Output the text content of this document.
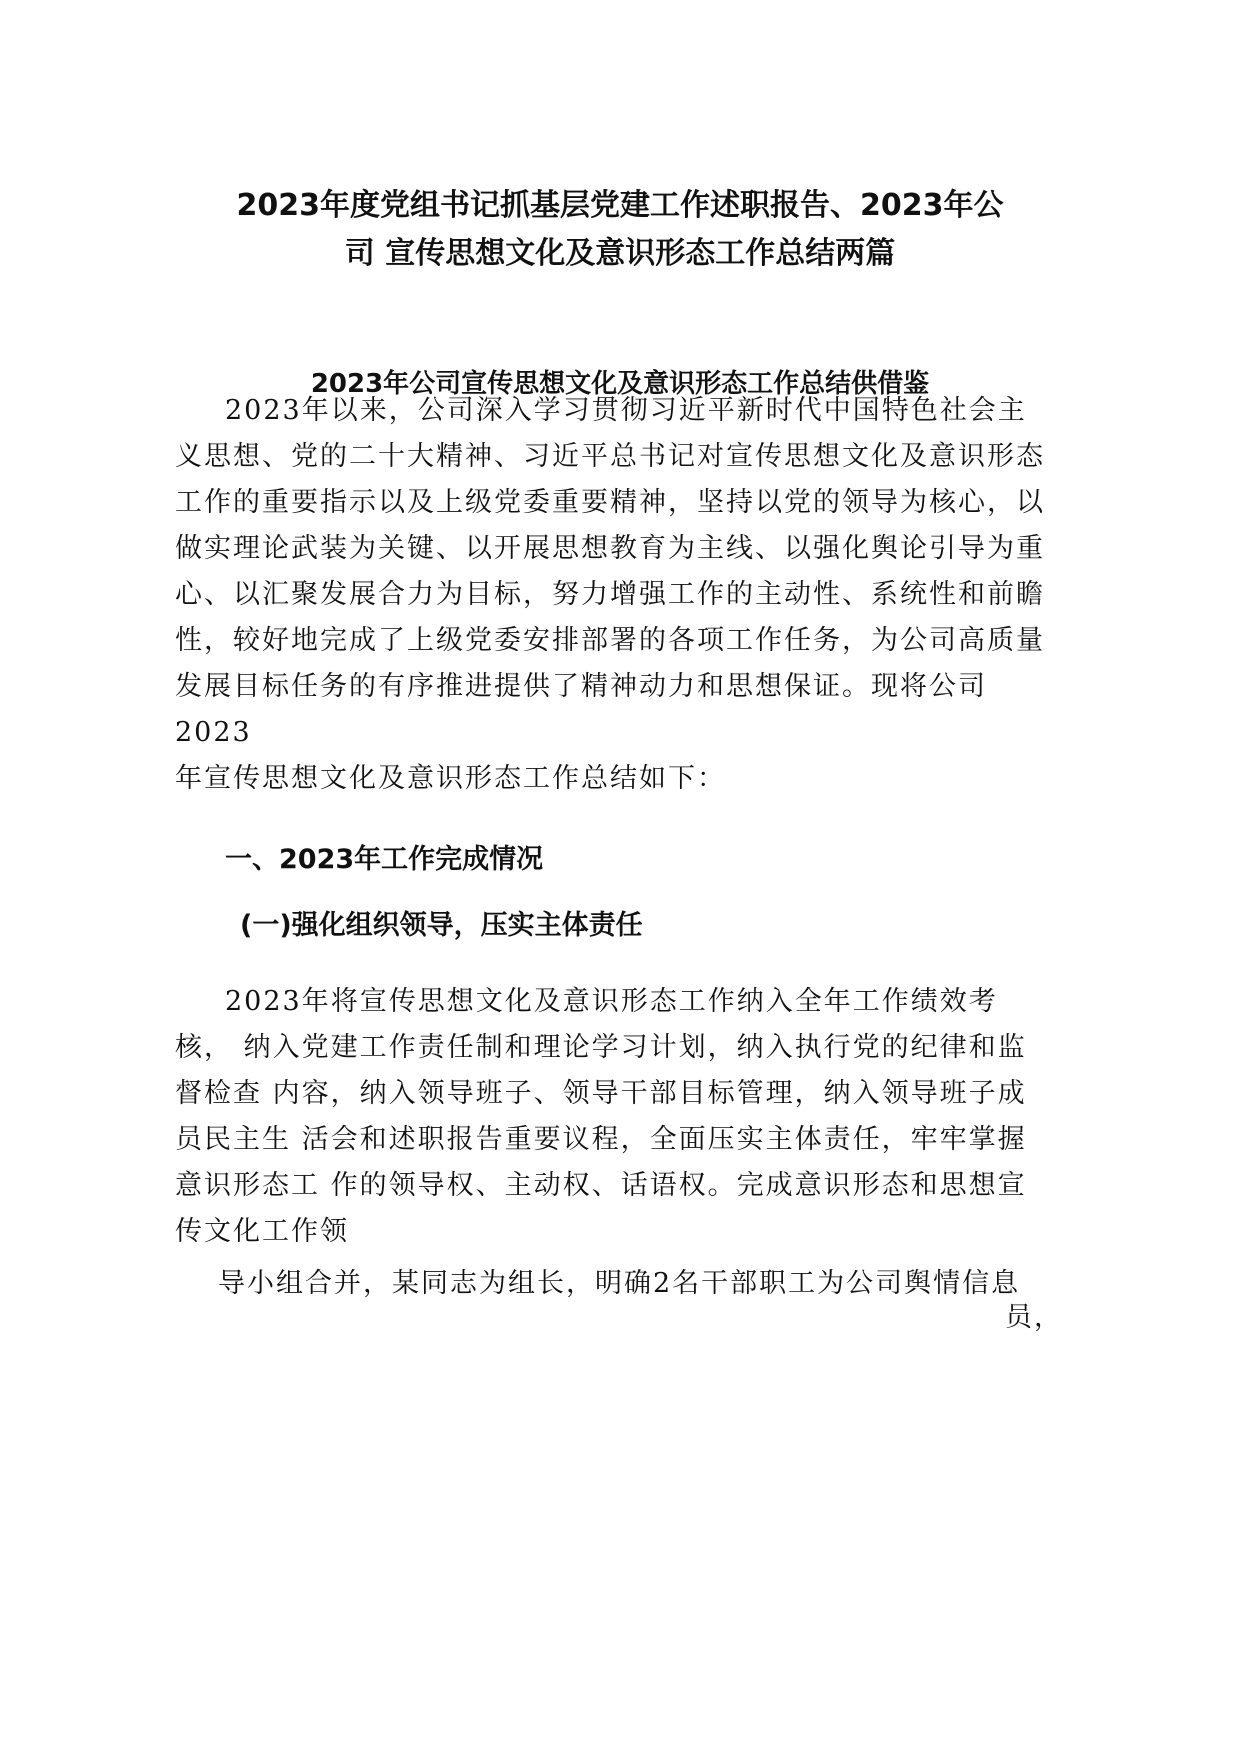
2023年度党组书记抓基层党建工作述职报告、2023年公
司 宣传思想文化及意识形态工作总结两篇
2023年公司宣传思想文化及意识形态工作总结供借鉴

2023年以来，公司深入学习贯彻习近平新时代中国特色社会主

义思想、党的二十大精神、习近平总书记对宣传思想文化及意识形态

工作的重要指示以及上级党委重要精神，坚持以党的领导为核心，以

做实理论武装为关键、以开展思想教育为主线、以强化舆论引导为重

心、以汇聚发展合力为目标，努力增强工作的主动性、系统性和前瞻

性，较好地完成了上级党委安排部署的各项工作任务，为公司高质量

发展目标任务的有序推进提供了精神动力和思想保证。现将公司

2023

年宣传思想文化及意识形态工作总结如下：

一、2023年工作完成情况
(一)强化组织领导，压实主体责任

2023年将宣传思想文化及意识形态工作纳入全年工作绩效考

核， 纳入党建工作责任制和理论学习计划，纳入执行党的纪律和监

督检查 内容，纳入领导班子、领导干部目标管理，纳入领导班子成

员民主生 活会和述职报告重要议程，全面压实主体责任，牢牢掌握

意识形态工 作的领导权、主动权、话语权。完成意识形态和思想宣

传文化工作领

导小组合并，某同志为组长，明确2名干部职工为公司舆情信息

员，
